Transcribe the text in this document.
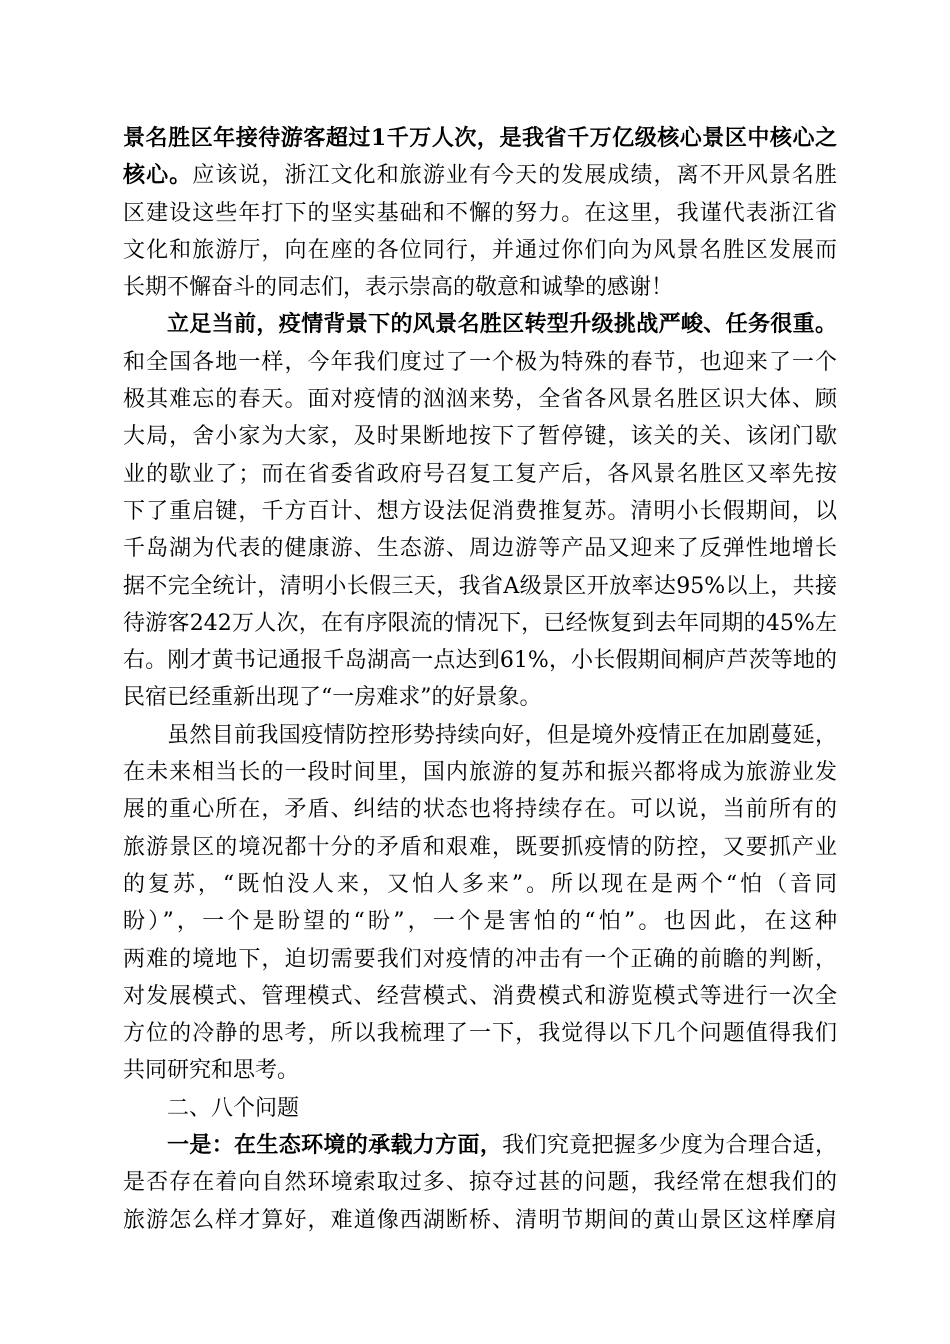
景名胜区年接待游客超过1千万人次，是我省千万亿级核心景区中核心之
核心。应该说，浙江文化和旅游业有今天的发展成绩，离不开风景名胜
区建设这些年打下的坚实基础和不懈的努力。在这里，我谨代表浙江省
文化和旅游厅，向在座的各位同行，并通过你们向为风景名胜区发展而
长期不懈奋斗的同志们，表示崇高的敬意和诚挚的感谢！
立足当前，疫情背景下的风景名胜区转型升级挑战严峻、任务很重。
和全国各地一样，今年我们度过了一个极为特殊的春节，也迎来了一个
极其难忘的春天。面对疫情的汹汹来势，全省各风景名胜区识大体、顾
大局，舍小家为大家，及时果断地按下了暂停键，该关的关、该闭门歇
业的歇业了；而在省委省政府号召复工复产后，各风景名胜区又率先按
下了重启键，千方百计、想方设法促消费推复苏。清明小长假期间，以
千岛湖为代表的健康游、生态游、周边游等产品又迎来了反弹性地增长
据不完全统计，清明小长假三天，我省A级景区开放率达95%以上，共接
待游客242万人次，在有序限流的情况下，已经恢复到去年同期的45%左
右。刚才黄书记通报千岛湖高一点达到61%，小长假期间桐庐芦茨等地的
民宿已经重新出现了“一房难求”的好景象。
虽然目前我国疫情防控形势持续向好，但是境外疫情正在加剧蔓延，
在未来相当长的一段时间里，国内旅游的复苏和振兴都将成为旅游业发
展的重心所在，矛盾、纠结的状态也将持续存在。可以说，当前所有的
旅游景区的境况都十分的矛盾和艰难，既要抓疫情的防控，又要抓产业
的复苏，“既怕没人来，又怕人多来”。所以现在是两个“怕（音同
盼）”，一个是盼望的“盼”，一个是害怕的“怕”。也因此，在这种
两难的境地下，迫切需要我们对疫情的冲击有一个正确的前瞻的判断，
对发展模式、管理模式、经营模式、消费模式和游览模式等进行一次全
方位的冷静的思考，所以我梳理了一下，我觉得以下几个问题值得我们
共同研究和思考。
二、八个问题
一是：在生态环境的承载力方面，我们究竟把握多少度为合理合适，
是否存在着向自然环境索取过多、掠夺过甚的问题，我经常在想我们的
旅游怎么样才算好，难道像西湖断桥、清明节期间的黄山景区这样摩肩
